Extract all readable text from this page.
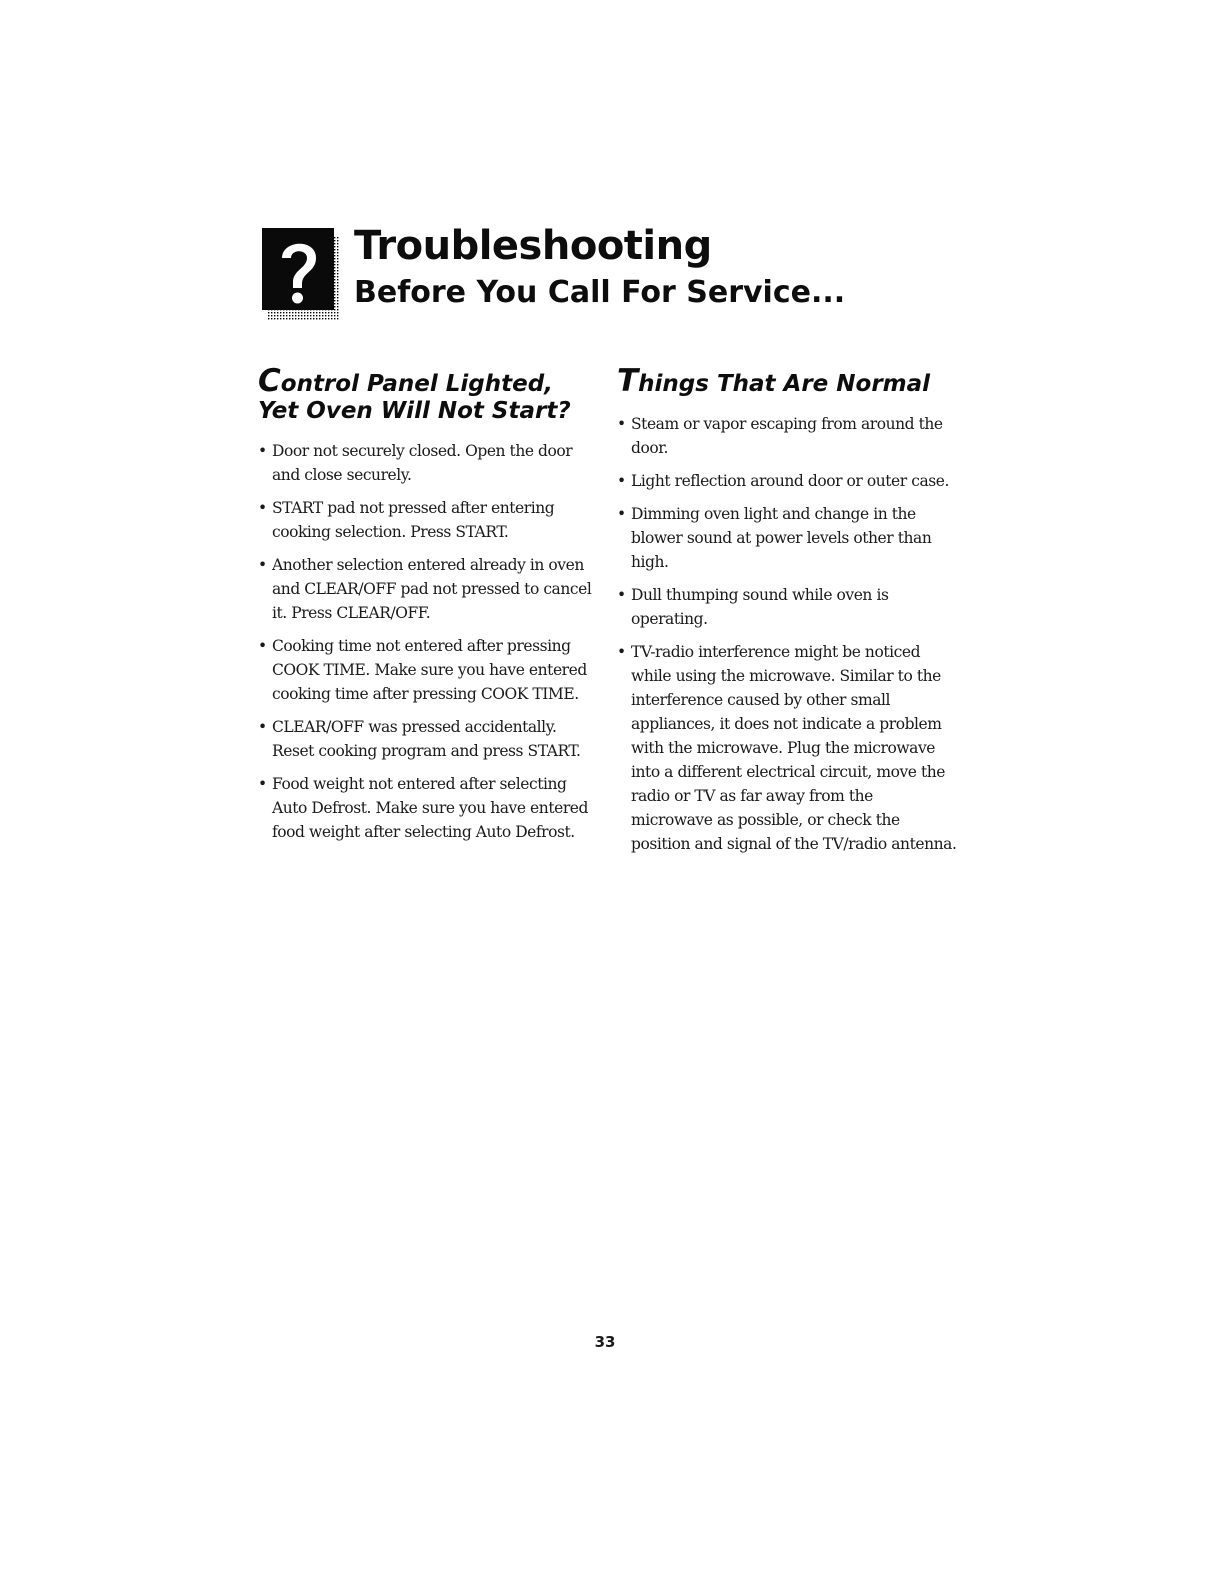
Troubleshooting
Before You Call For Service...
Control Panel Lighted, Yet Oven Will Not Start?
• Door not securely closed. Open the door and close securely.
• START pad not pressed after entering cooking selection. Press START.
• Another selection entered already in oven and CLEAR/OFF pad not pressed to cancel it. Press CLEAR/OFF.
• Cooking time not entered after pressing COOK TIME. Make sure you have entered cooking time after pressing COOK TIME.
• CLEAR/OFF was pressed accidentally. Reset cooking program and press START.
• Food weight not entered after selecting Auto Defrost. Make sure you have entered food weight after selecting Auto Defrost.
Things That Are Normal
• Steam or vapor escaping from around the door.
• Light reflection around door or outer case.
• Dimming oven light and change in the blower sound at power levels other than high.
• Dull thumping sound while oven is operating.
• TV-radio interference might be noticed while using the microwave. Similar to the interference caused by other small appliances, it does not indicate a problem with the microwave. Plug the microwave into a different electrical circuit, move the radio or TV as far away from the microwave as possible, or check the position and signal of the TV/radio antenna.
33
